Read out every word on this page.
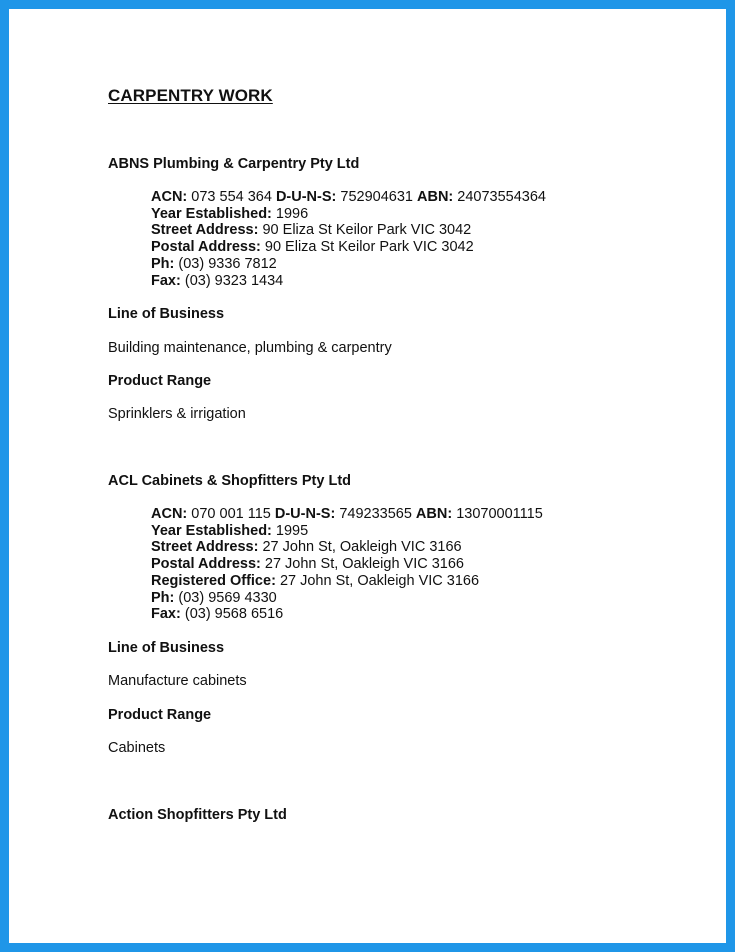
CARPENTRY WORK
ABNS Plumbing & Carpentry Pty Ltd
ACN: 073 554 364 D-U-N-S: 752904631 ABN: 24073554364
Year Established: 1996
Street Address: 90 Eliza St Keilor Park VIC 3042
Postal Address: 90 Eliza St Keilor Park VIC 3042
Ph: (03) 9336 7812
Fax: (03) 9323 1434
Line of Business
Building maintenance, plumbing & carpentry
Product Range
Sprinklers & irrigation
ACL Cabinets & Shopfitters Pty Ltd
ACN: 070 001 115 D-U-N-S: 749233565 ABN: 13070001115
Year Established: 1995
Street Address: 27 John St, Oakleigh VIC 3166
Postal Address: 27 John St, Oakleigh VIC 3166
Registered Office: 27 John St, Oakleigh VIC 3166
Ph: (03) 9569 4330
Fax: (03) 9568 6516
Line of Business
Manufacture cabinets
Product Range
Cabinets
Action Shopfitters Pty Ltd
